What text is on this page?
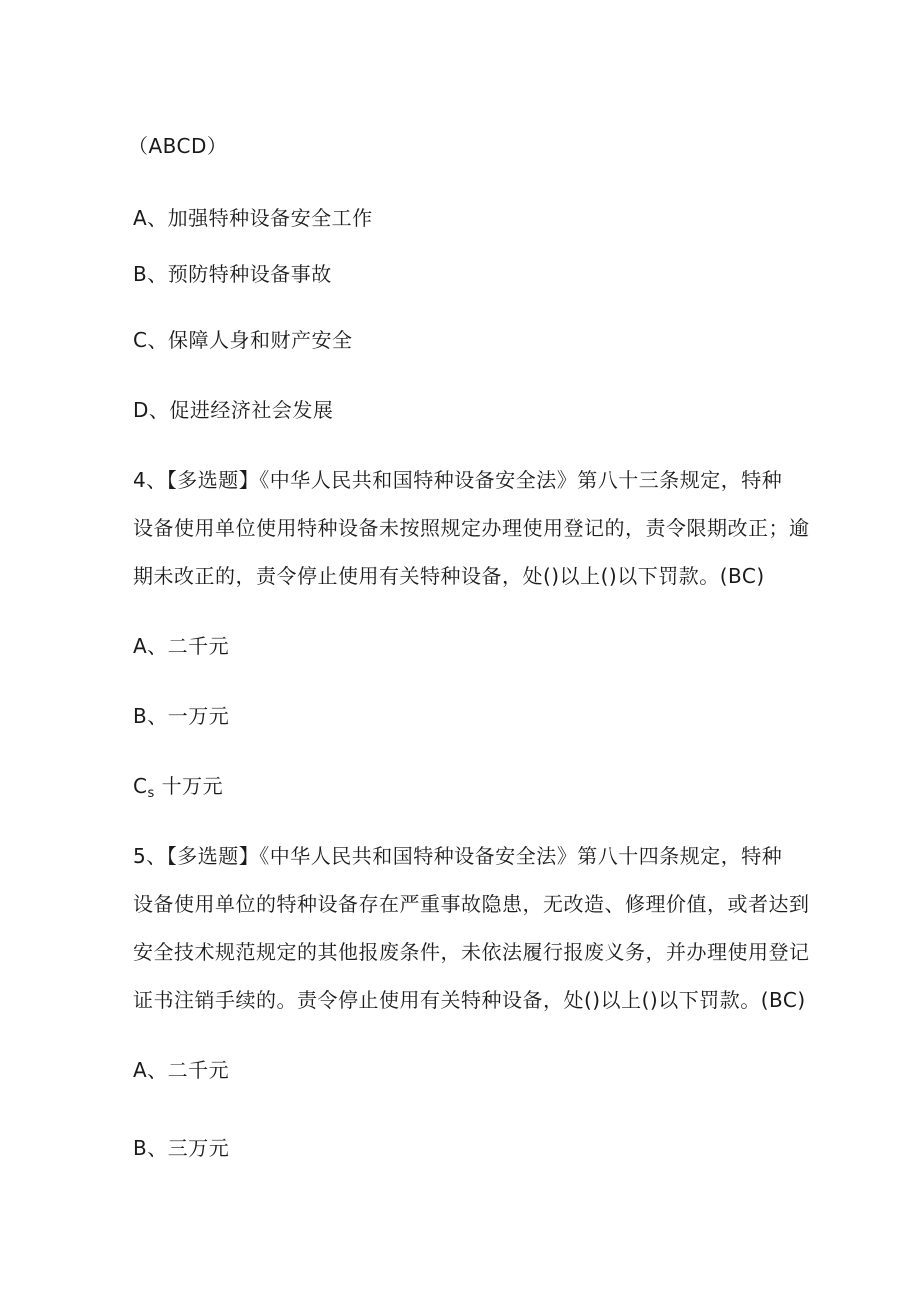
（ABCD）
A、加强特种设备安全工作
B、预防特种设备事故
C、保障人身和财产安全
D、促进经济社会发展
4、【多选题】《中华人民共和国特种设备安全法》第八十三条规定，特种
设备使用单位使用特种设备未按照规定办理使用登记的，责令限期改正；逾
期未改正的，责令停止使用有关特种设备，处()以上()以下罚款。(BC)
A、二千元
B、一万元
$C_s$ 十万元
5、【多选题】《中华人民共和国特种设备安全法》第八十四条规定，特种
设备使用单位的特种设备存在严重事故隐患，无改造、修理价值，或者达到
安全技术规范规定的其他报废条件，未依法履行报废义务，并办理使用登记
证书注销手续的。责令停止使用有关特种设备，处()以上()以下罚款。(BC)
A、二千元
B、三万元
